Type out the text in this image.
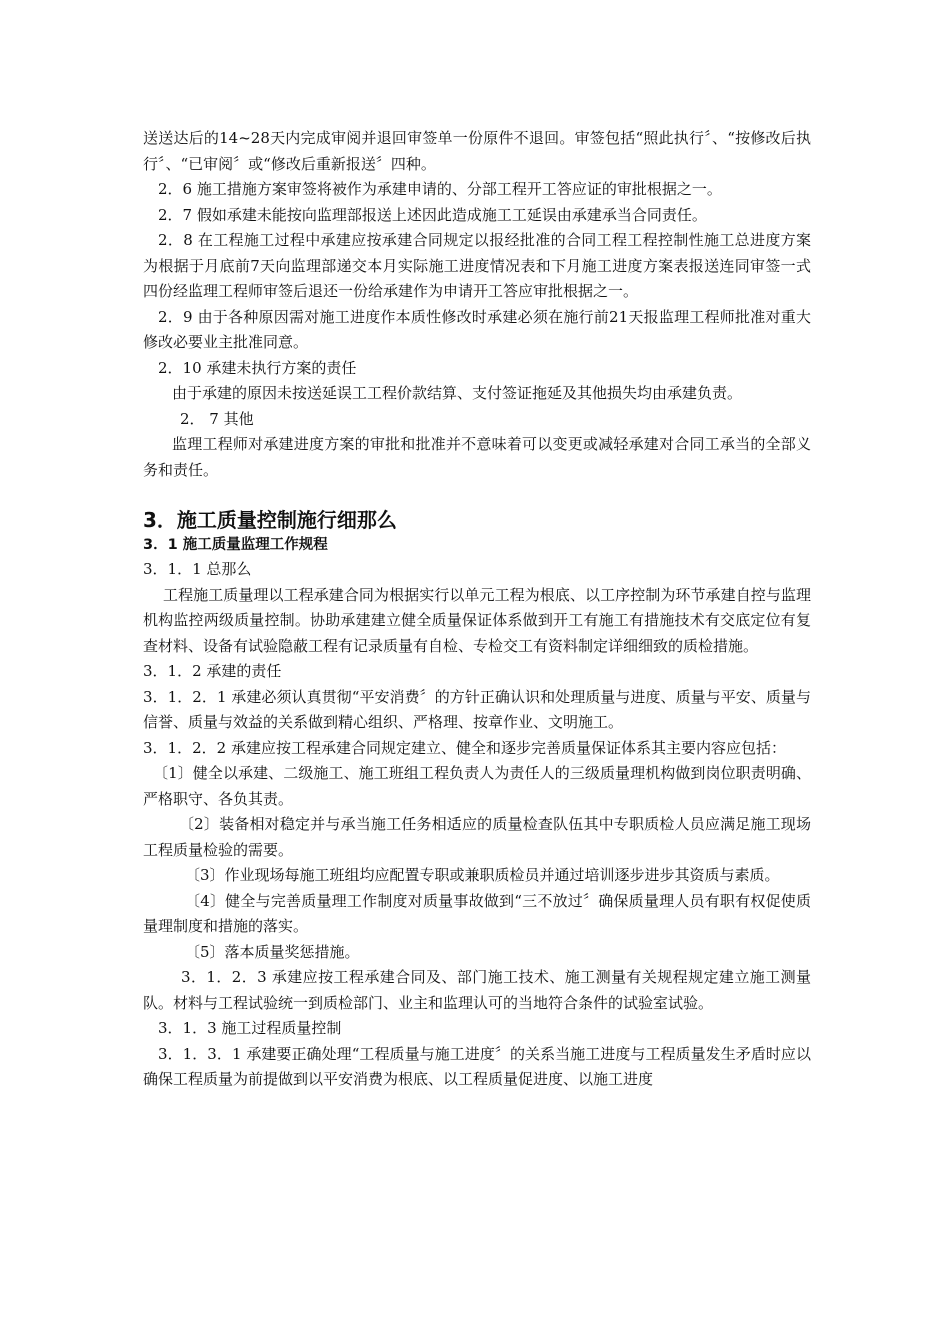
送送达后的14~28天内完成审阅并退回审签单一份原件不退回。审签包括“照此执行〞、“按修改后执行〞、“已审阅〞或“修改后重新报送〞四种。

2．6 施工措施方案审签将被作为承建申请的、分部工程开工答应证的审批根据之一。

2．7 假如承建未能按向监理部报送上述因此造成施工工延误由承建承当合同责任。

2．8 在工程施工过程中承建应按承建合同规定以报经批准的合同工程工程控制性施工总进度方案为根据于月底前7天向监理部递交本月实际施工进度情况表和下月施工进度方案表报送连同审签一式四份经监理工程师审签后退还一份给承建作为申请开工答应审批根据之一。

2．9 由于各种原因需对施工进度作本质性修改时承建必须在施行前21天报监理工程师批准对重大修改必要业主批准同意。

2．10 承建未执行方案的责任

由于承建的原因未按送延误工工程价款结算、支付签证拖延及其他损失均由承建负责。

2． 7 其他

监理工程师对承建进度方案的审批和批准并不意味着可以变更或减轻承建对合同工承当的全部义务和责任。

3．施工质量控制施行细那么
3．1 施工质量监理工作规程

3．1．1 总那么

工程施工质量理以工程承建合同为根据实行以单元工程为根底、以工序控制为环节承建自控与监理机构监控两级质量控制。协助承建建立健全质量保证体系做到开工有施工有措施技术有交底定位有复查材料、设备有试验隐蔽工程有记录质量有自检、专检交工有资料制定详细细致的质检措施。

3．1．2 承建的责任

3．1．2．1 承建必须认真贯彻“平安消费〞的方针正确认识和处理质量与进度、质量与平安、质量与信誉、质量与效益的关系做到精心组织、严格理、按章作业、文明施工。

3．1．2．2 承建应按工程承建合同规定建立、健全和逐步完善质量保证体系其主要内容应包括：

〔1〕健全以承建、二级施工、施工班组工程负责人为责任人的三级质量理机构做到岗位职责明确、严格职守、各负其责。

〔2〕装备相对稳定并与承当施工任务相适应的质量检查队伍其中专职质检人员应满足施工现场工程质量检验的需要。

〔3〕作业现场每施工班组均应配置专职或兼职质检员并通过培训逐步进步其资质与素质。

〔4〕健全与完善质量理工作制度对质量事故做到“三不放过〞确保质量理人员有职有权促使质量理制度和措施的落实。

〔5〕落本质量奖惩措施。

3．1．2．3 承建应按工程承建合同及、部门施工技术、施工测量有关规程规定建立施工测量队。材料与工程试验统一到质检部门、业主和监理认可的当地符合条件的试验室试验。

3．1．3 施工过程质量控制

3．1．3．1 承建要正确处理“工程质量与施工进度〞的关系当施工进度与工程质量发生矛盾时应以确保工程质量为前提做到以平安消费为根底、以工程质量促进度、以施工进度
